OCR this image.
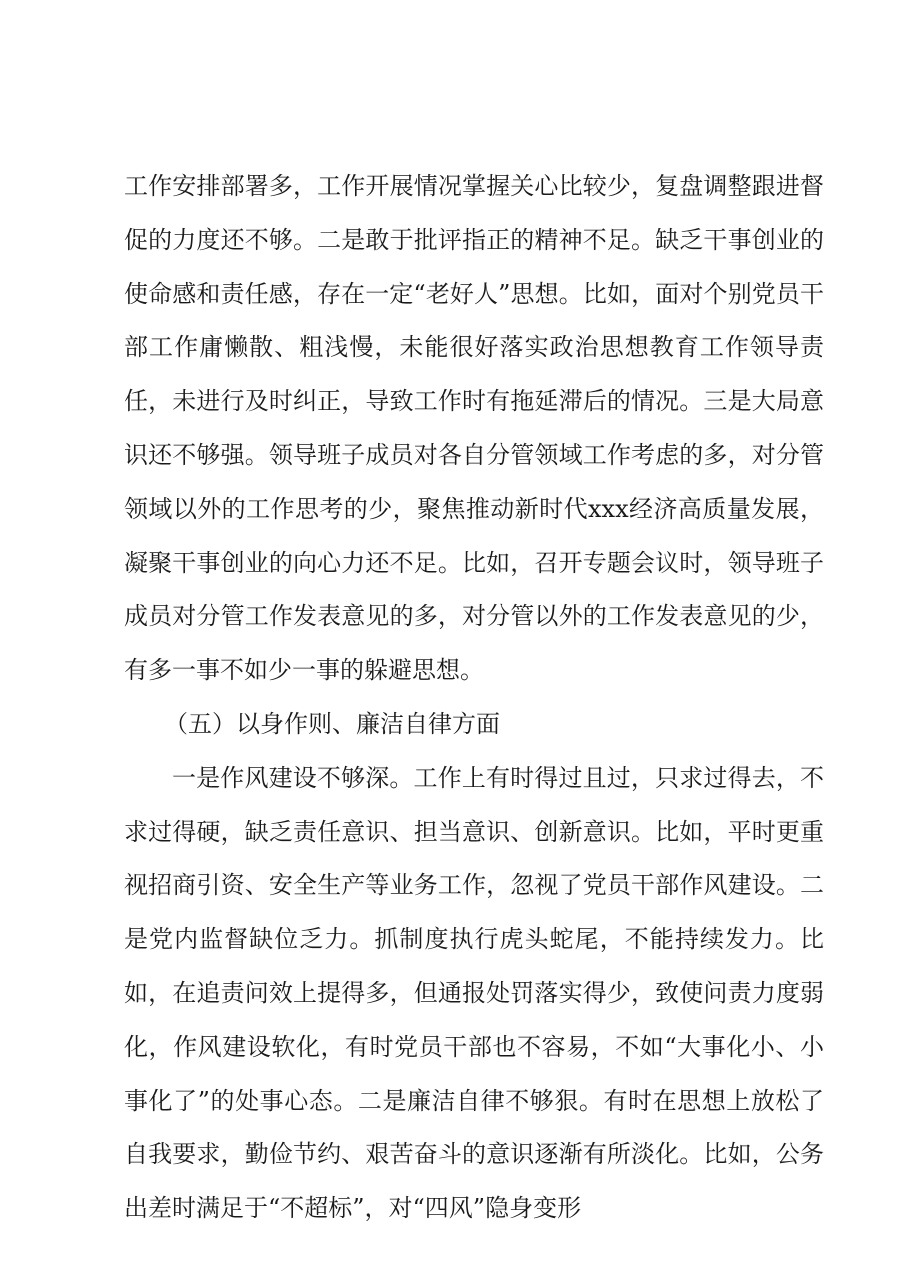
工作安排部署多，工作开展情况掌握关心比较少，复盘调整跟进督促的力度还不够。二是敢于批评指正的精神不足。缺乏干事创业的使命感和责任感，存在一定“老好人”思想。比如，面对个别党员干部工作庸懒散、粗浅慢，未能很好落实政治思想教育工作领导责任，未进行及时纠正，导致工作时有拖延滞后的情况。三是大局意识还不够强。领导班子成员对各自分管领域工作考虑的多，对分管领域以外的工作思考的少，聚焦推动新时代xxx经济高质量发展，凝聚干事创业的向心力还不足。比如，召开专题会议时，领导班子成员对分管工作发表意见的多，对分管以外的工作发表意见的少，有多一事不如少一事的躲避思想。

（五）以身作则、廉洁自律方面

一是作风建设不够深。工作上有时得过且过，只求过得去，不求过得硬，缺乏责任意识、担当意识、创新意识。比如，平时更重视招商引资、安全生产等业务工作，忽视了党员干部作风建设。二是党内监督缺位乏力。抓制度执行虎头蛇尾，不能持续发力。比如，在追责问效上提得多，但通报处罚落实得少，致使问责力度弱化，作风建设软化，有时党员干部也不容易，不如“大事化小、小事化了”的处事心态。二是廉洁自律不够狠。有时在思想上放松了自我要求，勤俭节约、艰苦奋斗的意识逐渐有所淡化。比如，公务出差时满足于“不超标”，对“四风”隐身变形
